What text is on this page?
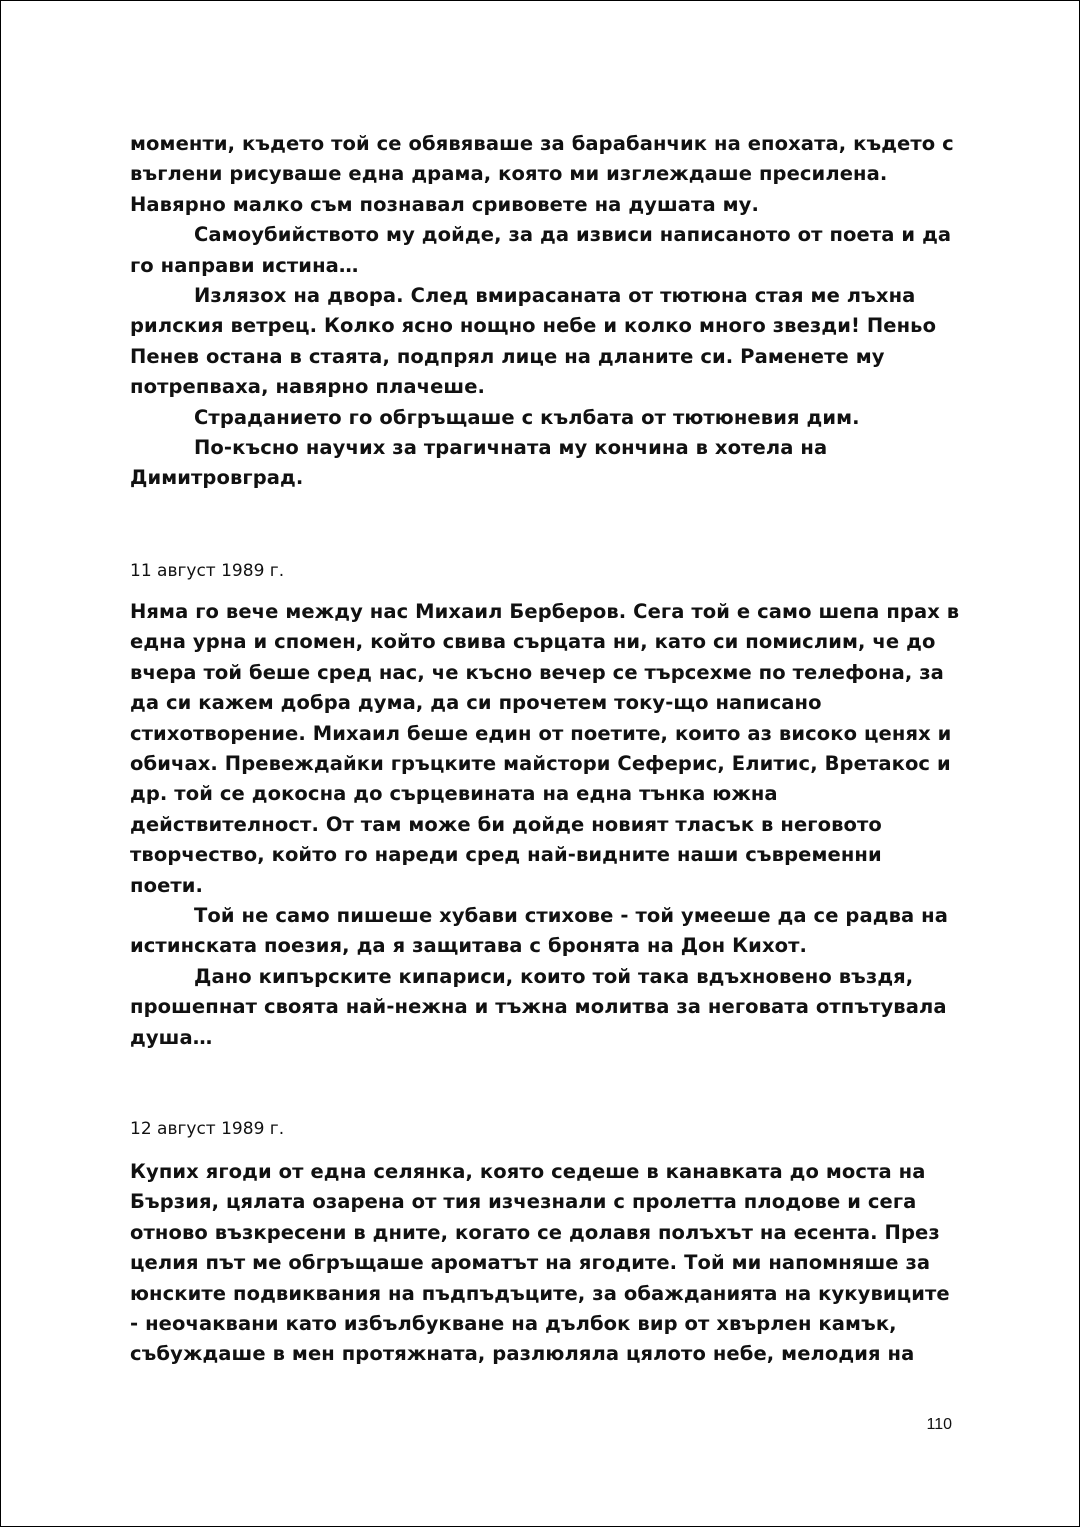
моменти, където той се обявяваше за барабанчик на епохата, където с въглени рисуваше една драма, която ми изглеждаше пресилена. Навярно малко съм познавал сривовете на душата му.

Самоубийството му дойде, за да извиси написаното от поета и да го направи истина…

Излязох на двора. След вмирасаната от тютюна стая ме лъхна рилския ветрец. Колко ясно нощно небе и колко много звезди! Пеньо Пенев остана в стаята, подпрял лице на дланите си. Раменете му потрепваха, навярно плачеше.

Страданието го обгръщаше с кълбата от тютюневия дим.

По-късно научих за трагичната му кончина в хотела на Димитровград.

11 август 1989 г.

Няма го вече между нас Михаил Берберов. Сега той е само шепа прах в една урна и спомен, който свива сърцата ни, като си помислим, че до вчера той беше сред нас, че късно вечер се търсехме по телефона, за да си кажем добра дума, да си прочетем току-що написано стихотворение. Михаил беше един от поетите, които аз високо ценях и обичах. Превеждайки гръцките майстори Сеферис, Елитис, Вретакос и др. той се докосна до сърцевината на една тънка южна действителност. От там може би дойде новият тласък в неговото творчество, който го нареди сред най-видните наши съвременни поети.

Той не само пишеше хубави стихове - той умееше да се радва на истинската поезия, да я защитава с бронята на Дон Кихот.

Дано кипърските кипариси, които той така вдъхновено въздя, прошепнат своята най-нежна и тъжна молитва за неговата отпътувала душа…

12 август 1989 г.

Купих ягоди от една селянка, която седеше в канавката до моста на Бързия, цялата озарена от тия изчезнали с пролетта плодове и сега отново възкресени в дните, когато се долавя полъхът на есента. През целия път ме обгръщаше ароматът на ягодите. Той ми напомняше за юнските подвиквания на пъдпъдъците, за обажданията на кукувиците - неочаквани като избълбукване на дълбок вир от хвърлен камък, събуждаше в мен протяжната, разлюляла цялото небе, мелодия на

110
